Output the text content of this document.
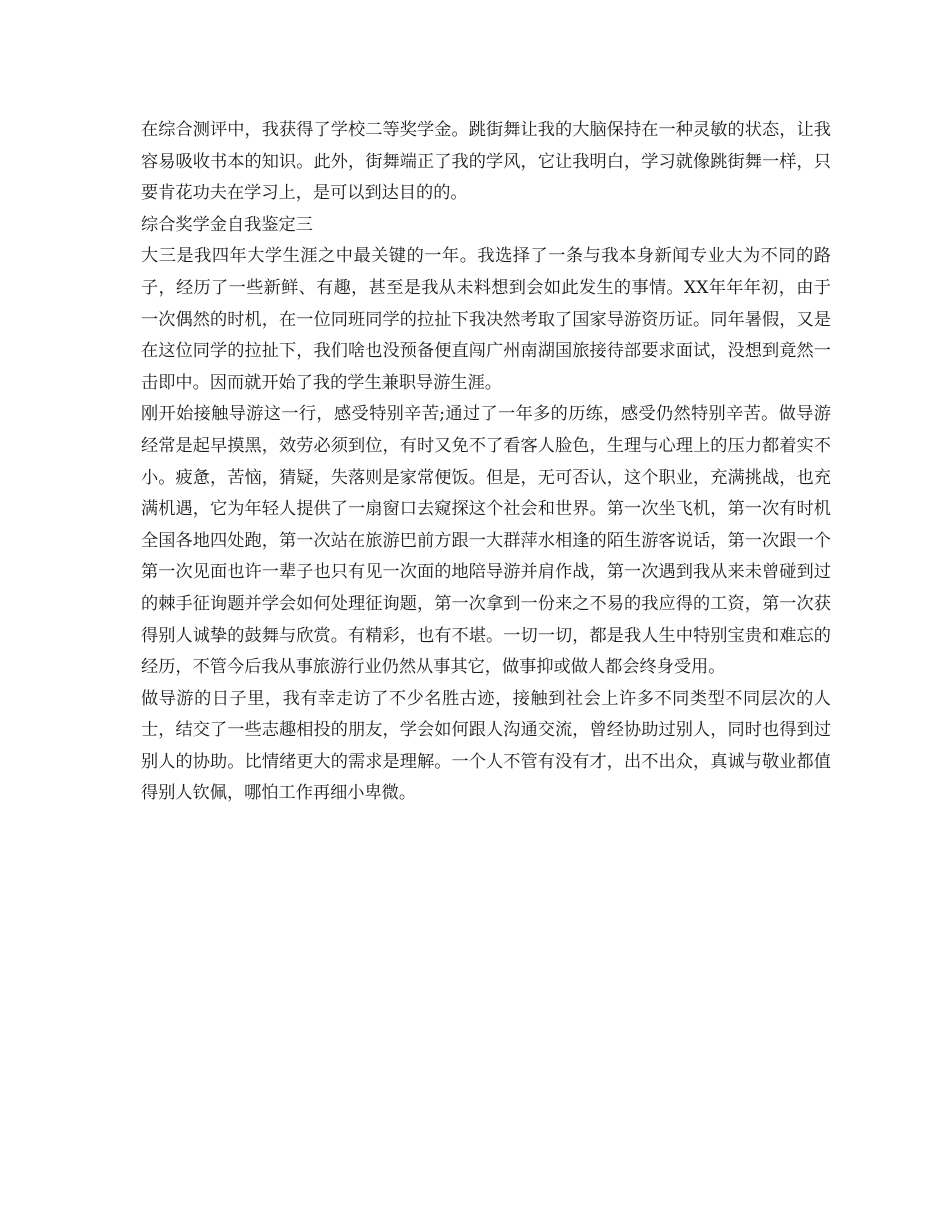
在综合测评中，我获得了学校二等奖学金。跳街舞让我的大脑保持在一种灵敏的状态，让我容易吸收书本的知识。此外，街舞端正了我的学风，它让我明白，学习就像跳街舞一样，只要肯花功夫在学习上，是可以到达目的的。

综合奖学金自我鉴定三

大三是我四年大学生涯之中最关键的一年。我选择了一条与我本身新闻专业大为不同的路子，经历了一些新鲜、有趣，甚至是我从未料想到会如此发生的事情。XX年年年初，由于一次偶然的时机，在一位同班同学的拉扯下我决然考取了国家导游资历证。同年暑假，又是在这位同学的拉扯下，我们啥也没预备便直闯广州南湖国旅接待部要求面试，没想到竟然一击即中。因而就开始了我的学生兼职导游生涯。

刚开始接触导游这一行，感受特别辛苦;通过了一年多的历练，感受仍然特别辛苦。做导游经常是起早摸黑，效劳必须到位，有时又免不了看客人脸色，生理与心理上的压力都着实不小。疲惫，苦恼，猜疑，失落则是家常便饭。但是，无可否认，这个职业，充满挑战，也充满机遇，它为年轻人提供了一扇窗口去窥探这个社会和世界。第一次坐飞机，第一次有时机全国各地四处跑，第一次站在旅游巴前方跟一大群萍水相逢的陌生游客说话，第一次跟一个第一次见面也许一辈子也只有见一次面的地陪导游并肩作战，第一次遇到我从来未曾碰到过的棘手征询题并学会如何处理征询题，第一次拿到一份来之不易的我应得的工资，第一次获得别人诚挚的鼓舞与欣赏。有精彩，也有不堪。一切一切，都是我人生中特别宝贵和难忘的经历，不管今后我从事旅游行业仍然从事其它，做事抑或做人都会终身受用。

做导游的日子里，我有幸走访了不少名胜古迹，接触到社会上许多不同类型不同层次的人士，结交了一些志趣相投的朋友，学会如何跟人沟通交流，曾经协助过别人，同时也得到过别人的协助。比情绪更大的需求是理解。一个人不管有没有才，出不出众，真诚与敬业都值得别人钦佩，哪怕工作再细小卑微。
